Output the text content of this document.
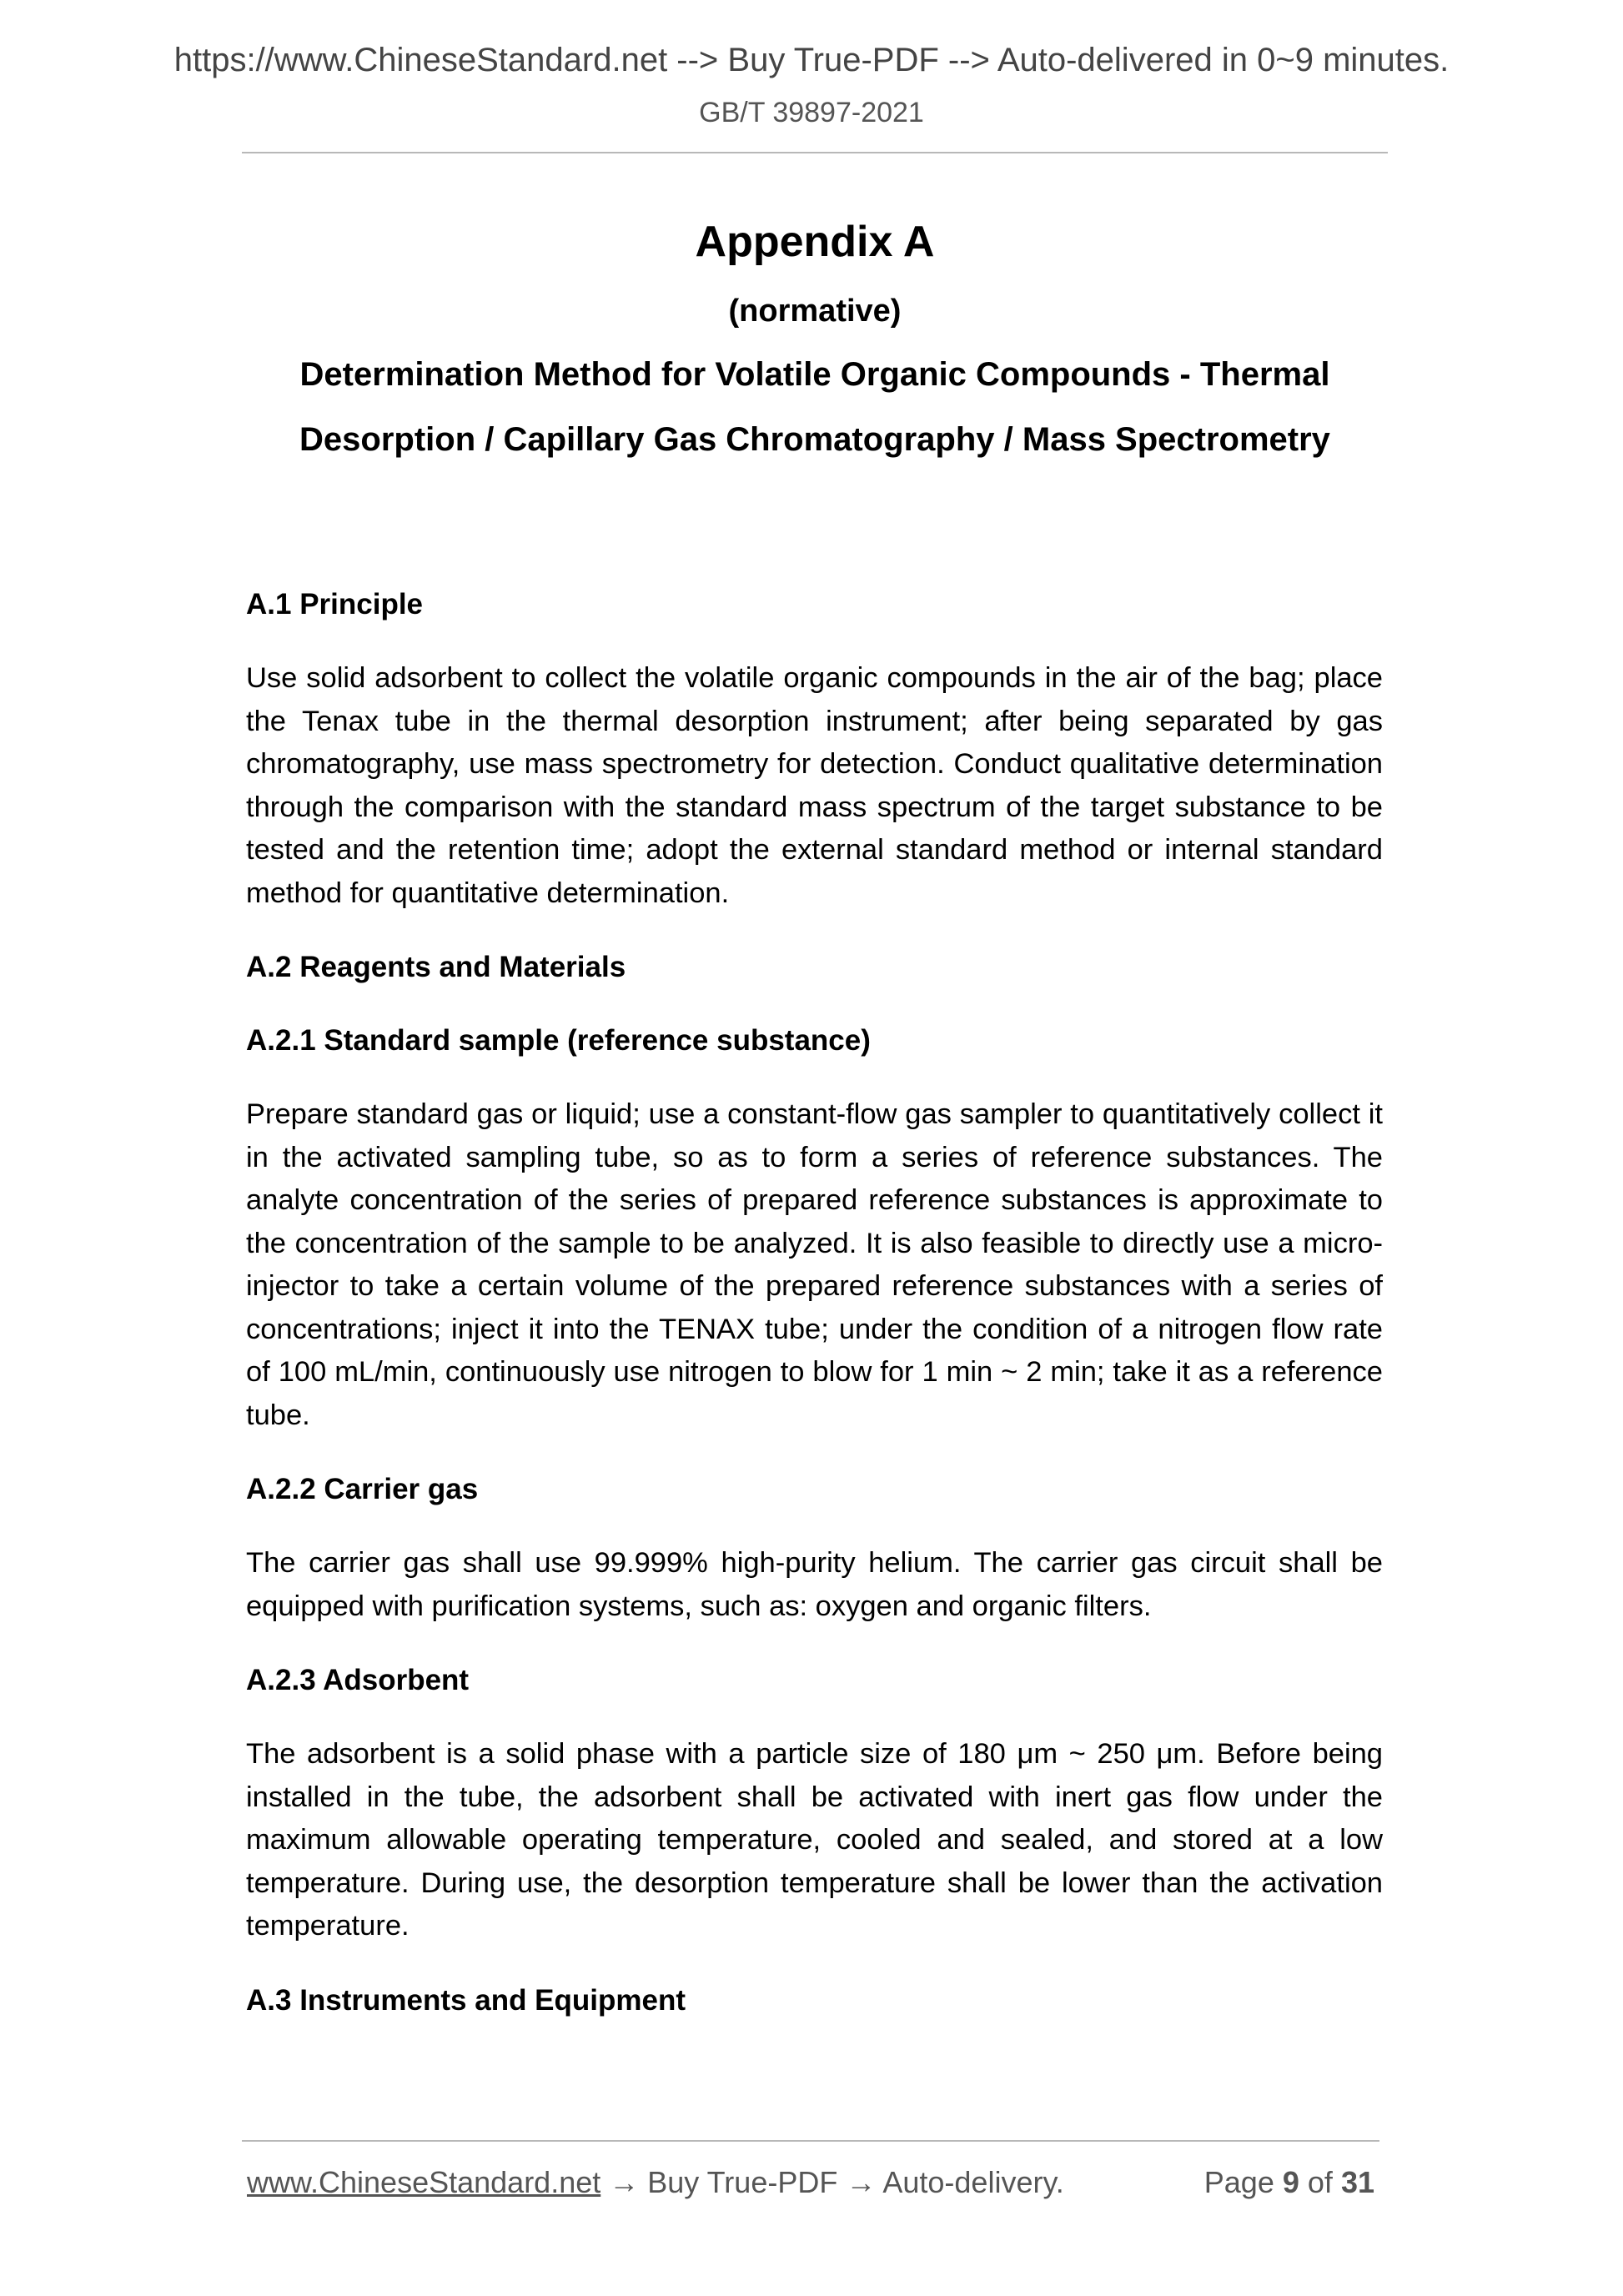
https://www.ChineseStandard.net --> Buy True-PDF --> Auto-delivered in 0~9 minutes.
GB/T 39897-2021
Appendix A
(normative)
Determination Method for Volatile Organic Compounds - Thermal
Desorption / Capillary Gas Chromatography / Mass Spectrometry
A.1 Principle

Use solid adsorbent to collect the volatile organic compounds in the air of the bag; place the Tenax tube in the thermal desorption instrument; after being separated by gas chromatography, use mass spectrometry for detection. Conduct qualitative determination through the comparison with the standard mass spectrum of the target substance to be tested and the retention time; adopt the external standard method or internal standard method for quantitative determination.

A.2 Reagents and Materials
A.2.1 Standard sample (reference substance)

Prepare standard gas or liquid; use a constant-flow gas sampler to quantitatively collect it in the activated sampling tube, so as to form a series of reference substances. The analyte concentration of the series of prepared reference substances is approximate to the concentration of the sample to be analyzed. It is also feasible to directly use a micro-injector to take a certain volume of the prepared reference substances with a series of concentrations; inject it into the TENAX tube; under the condition of a nitrogen flow rate of 100 mL/min, continuously use nitrogen to blow for 1 min ~ 2 min; take it as a reference tube.

A.2.2 Carrier gas

The carrier gas shall use 99.999% high-purity helium. The carrier gas circuit shall be equipped with purification systems, such as: oxygen and organic filters.

A.2.3 Adsorbent

The adsorbent is a solid phase with a particle size of 180 μm ~ 250 μm. Before being installed in the tube, the adsorbent shall be activated with inert gas flow under the maximum allowable operating temperature, cooled and sealed, and stored at a low temperature. During use, the desorption temperature shall be lower than the activation temperature.

A.3 Instruments and Equipment
www.ChineseStandard.net → Buy True-PDF → Auto-delivery.	Page 9 of 31
